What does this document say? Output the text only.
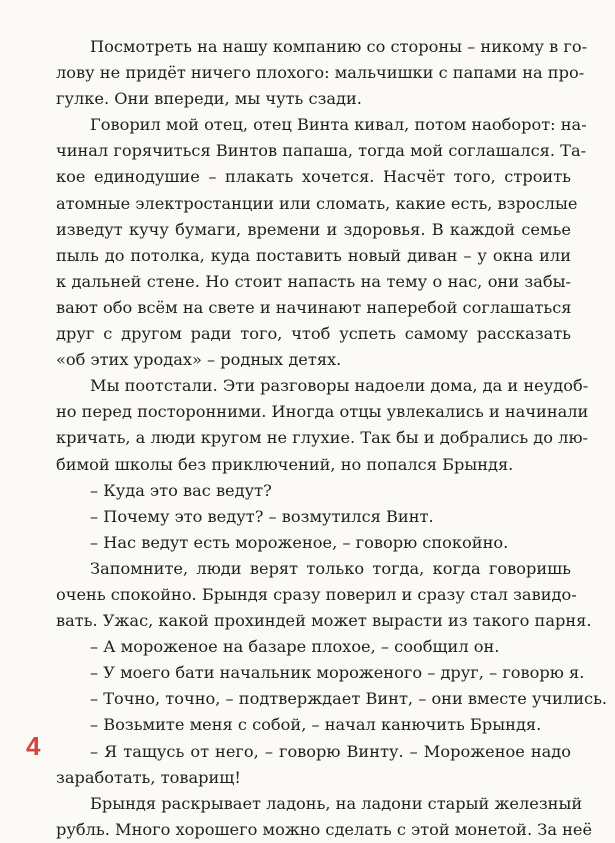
Посмотреть на нашу компанию со стороны – никому в го-
лову не придёт ничего плохого: мальчишки с папами на про-
гулке. Они впереди, мы чуть сзади.
Говорил мой отец, отец Винта кивал, потом наоборот: на-
чинал горячиться Винтов папаша, тогда мой соглашался. Та-
кое единодушие – плакать хочется. Насчёт того, строить
атомные электростанции или сломать, какие есть, взрослые
изведут кучу бумаги, времени и здоровья. В каждой семье
пыль до потолка, куда поставить новый диван – у окна или
к дальней стене. Но стоит напасть на тему о нас, они забы-
вают обо всём на свете и начинают наперебой соглашаться
друг с другом ради того, чтоб успеть самому рассказать
«об этих уродах» – родных детях.
Мы поотстали. Эти разговоры надоели дома, да и неудоб-
но перед посторонними. Иногда отцы увлекались и начинали
кричать, а люди кругом не глухие. Так бы и добрались до лю-
бимой школы без приключений, но попался Брындя.
– Куда это вас ведут?
– Почему это ведут? – возмутился Винт.
– Нас ведут есть мороженое, – говорю спокойно.
Запомните, люди верят только тогда, когда говоришь
очень спокойно. Брындя сразу поверил и сразу стал завидо-
вать. Ужас, какой прохиндей может вырасти из такого парня.
– А мороженое на базаре плохое, – сообщил он.
– У моего бати начальник мороженого – друг, – говорю я.
– Точно, точно, – подтверждает Винт, – они вместе учились.
– Возьмите меня с собой, – начал канючить Брындя.
– Я тащусь от него, – говорю Винту. – Мороженое надо
заработать, товарищ!
Брындя раскрывает ладонь, на ладони старый железный
рубль. Много хорошего можно сделать с этой монетой. За неё
4
